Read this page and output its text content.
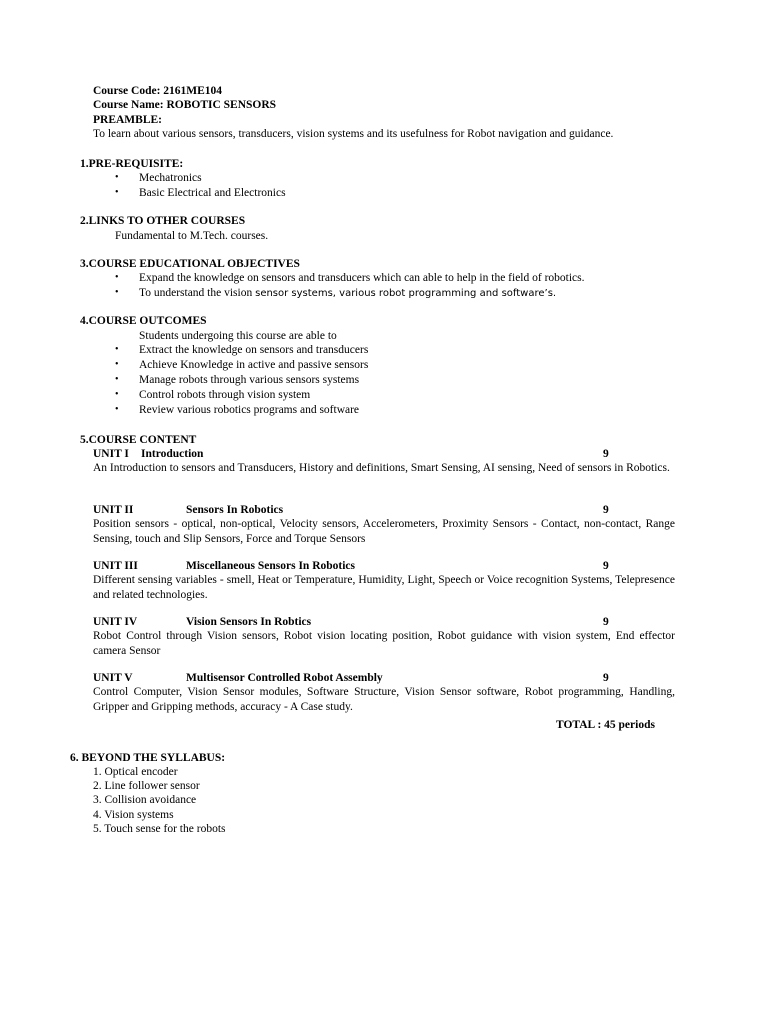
Course Code: 2161ME104
Course Name: ROBOTIC SENSORS
PREAMBLE:
To learn about various sensors, transducers, vision systems and its usefulness for Robot navigation and guidance.
1.PRE-REQUISITE:
• Mechatronics
• Basic Electrical and Electronics
2.LINKS TO OTHER COURSES
Fundamental to M.Tech. courses.
3.COURSE EDUCATIONAL OBJECTIVES
• Expand the knowledge on sensors and transducers which can able to help in the field of robotics.
• To understand the vision sensor systems, various robot programming and software’s.
4.COURSE OUTCOMES
Students undergoing this course are able to
• Extract the knowledge on sensors and transducers
• Achieve Knowledge in active and passive sensors
• Manage robots through various sensors systems
• Control robots through vision system
• Review various robotics programs and software
5.COURSE CONTENT
UNIT I Introduction	9
An Introduction to sensors and Transducers, History and definitions, Smart Sensing, AI sensing, Need of sensors in Robotics.
UNIT II	Sensors In Robotics	9
Position sensors - optical, non-optical, Velocity sensors, Accelerometers, Proximity Sensors - Contact, non-contact, Range Sensing, touch and Slip Sensors, Force and Torque Sensors
UNIT III	Miscellaneous Sensors In Robotics	9
Different sensing variables - smell, Heat or Temperature, Humidity, Light, Speech or Voice recognition Systems, Telepresence and related technologies.
UNIT IV	Vision Sensors In Robtics	9
Robot Control through Vision sensors, Robot vision locating position, Robot guidance with vision system, End effector camera Sensor
UNIT V	Multisensor Controlled Robot Assembly	9
Control Computer, Vision Sensor modules, Software Structure, Vision Sensor software, Robot programming, Handling, Gripper and Gripping methods, accuracy - A Case study.
TOTAL : 45 periods
6. BEYOND THE SYLLABUS:
1. Optical encoder
2. Line follower sensor
3. Collision avoidance
4. Vision systems
5. Touch sense for the robots
